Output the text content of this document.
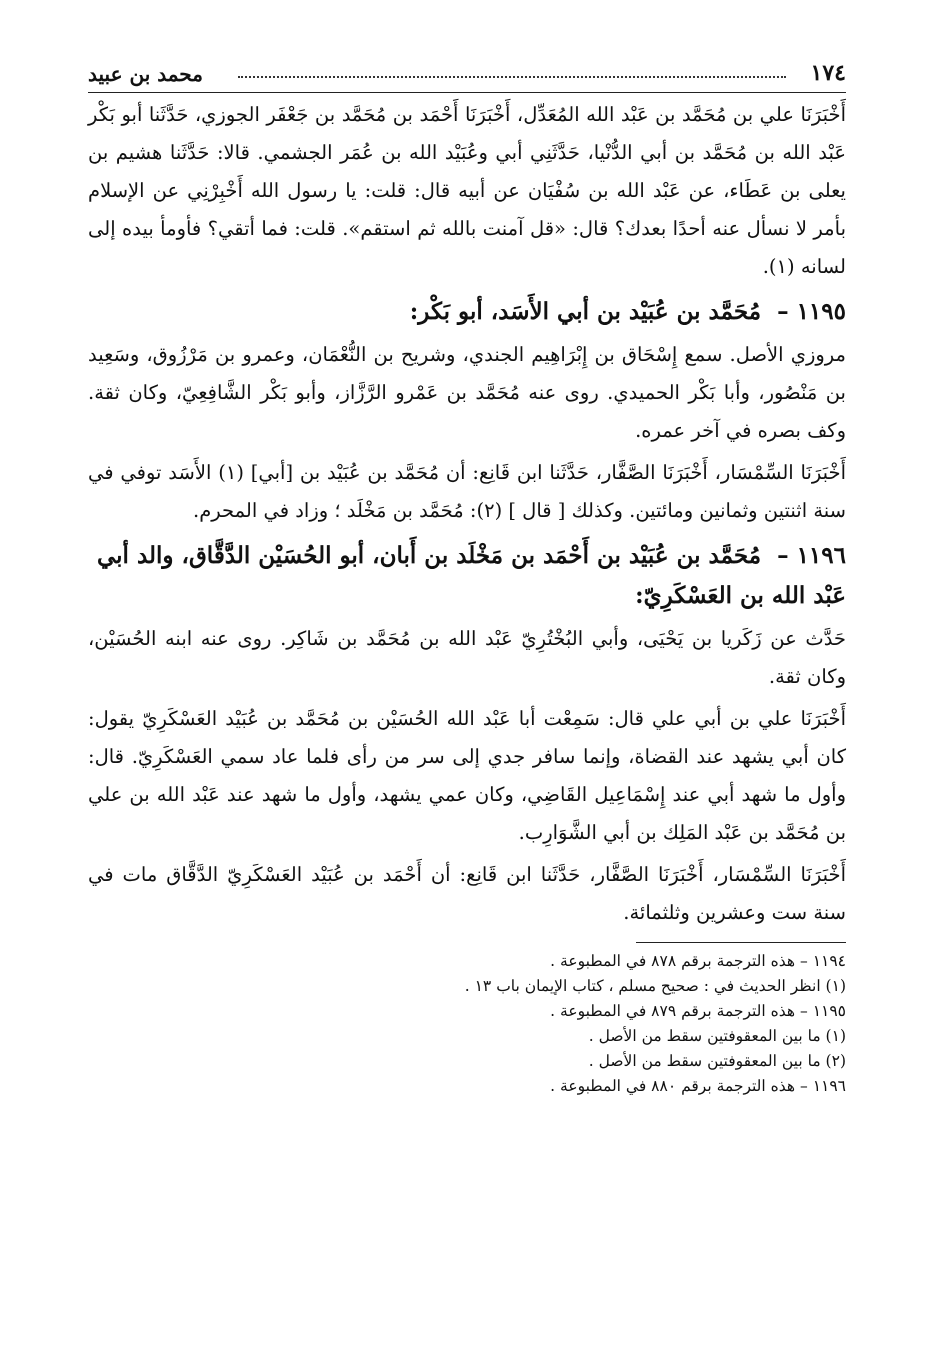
١٧٤
محمد بن عبيد

أَخْبَرَنَا علي بن مُحَمَّد بن عَبْد الله المُعَدِّل، أَخْبَرَنَا أَحْمَد بن مُحَمَّد بن جَعْفَر الجوزي، حَدَّثَنا أبو بَكْر عَبْد الله بن مُحَمَّد بن أبي الدُّنْيا، حَدَّثَنِي أبي وعُبَيْد الله بن عُمَر الجشمي. قالا: حَدَّثَنا هشيم بن يعلى بن عَطَاء، عن عَبْد الله بن سُفْيَان عن أبيه قال: قلت: يا رسول الله أَخْبِرْنِي عن الإسلام بأمر لا نسأل عنه أحدًا بعدك؟ قال: «قل آمنت بالله ثم استقم». قلت: فما أتقي؟ فأومأ بيده إلى لسانه (١).

١١٩٥ – مُحَمَّد بن عُبَيْد بن أبي الأَسَد، أبو بَكْر:

مروزي الأصل. سمع إِسْحَاق بن إِبْرَاهِيم الجندي، وشريح بن النُّعْمَان، وعمرو بن مَرْزُوق، وسَعِيد بن مَنْصُور، وأبا بَكْر الحميدي. روى عنه مُحَمَّد بن عَمْرو الرَّزَّاز، وأبو بَكْر الشَّافِعِيّ، وكان ثقة. وكف بصره في آخر عمره.

أَخْبَرَنَا السِّمْسَار، أَخْبَرَنَا الصَّفَّار، حَدَّثَنا ابن قَانِع: أن مُحَمَّد بن عُبَيْد بن [أبي] (١) الأَسَد توفي في سنة اثنتين وثمانين ومائتين. وكذلك [ قال ] (٢): مُحَمَّد بن مَخْلَد ؛ وزاد في المحرم.

١١٩٦ – مُحَمَّد بن عُبَيْد بن أَحْمَد بن مَخْلَد بن أَبان، أبو الحُسَيْن الدَّقَّاق، والد أبي عَبْد الله بن العَسْكَرِيّ:

حَدَّث عن زَكَريا بن يَحْيَى، وأبي البُخْتُرِيّ عَبْد الله بن مُحَمَّد بن شَاكِر. روى عنه ابنه الحُسَيْن، وكان ثقة.

أَخْبَرَنَا علي بن أبي علي قال: سَمِعْت أبا عَبْد الله الحُسَيْن بن مُحَمَّد بن عُبَيْد العَسْكَرِيّ يقول: كان أبي يشهد عند القضاة، وإنما سافر جدي إلى سر من رأى فلما عاد سمي العَسْكَرِيّ. قال: وأول ما شهد أبي عند إِسْمَاعِيل القَاضِي، وكان عمي يشهد، وأول ما شهد عند عَبْد الله بن علي بن مُحَمَّد بن عَبْد المَلِك بن أبي الشَّوَارِب.

أَخْبَرَنَا السِّمْسَار، أَخْبَرَنَا الصَّفَّار، حَدَّثَنا ابن قَانِع: أن أَحْمَد بن عُبَيْد العَسْكَرِيّ الدَّقَّاق مات في سنة ست وعشرين وثلثمائة.

١١٩٤ – هذه الترجمة برقم ٨٧٨ في المطبوعة .

(١) انظر الحديث في : صحيح مسلم ، كتاب الإيمان باب ١٣ .

١١٩٥ – هذه الترجمة برقم ٨٧٩ في المطبوعة .

(١) ما بين المعقوفتين سقط من الأصل .

(٢) ما بين المعقوفتين سقط من الأصل .

١١٩٦ – هذه الترجمة برقم ٨٨٠ في المطبوعة .
